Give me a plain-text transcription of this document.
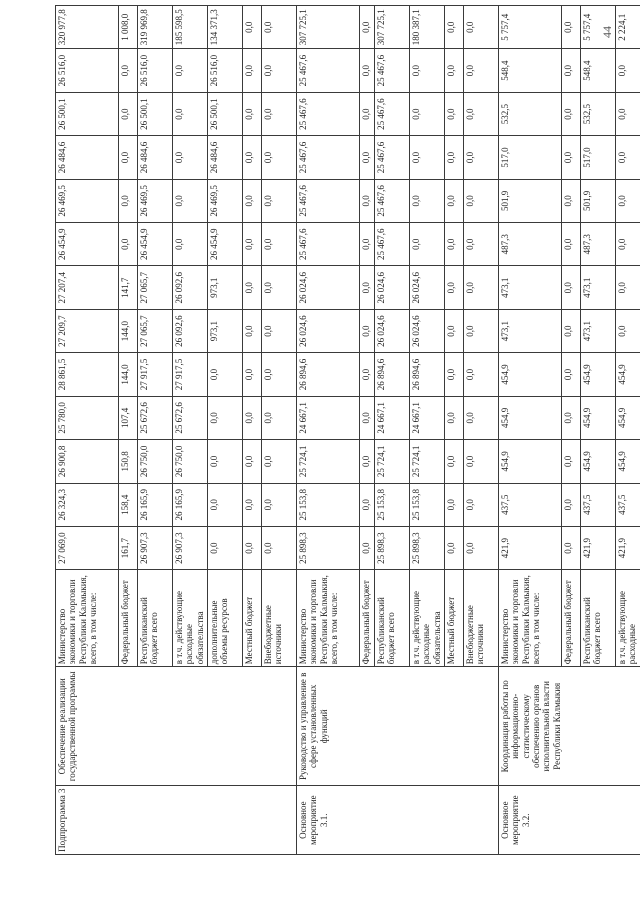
Подпрограмма 3	Обеспечение реализации государственной программы	Министерство экономики и торговли Республики Калмыкия, всего, в том числе:	27 069,0	26 324,3	26 900,8	25 780,0	28 861,5	27 209,7	27 207,4	26 454,9	26 469,5	26 484,6	26 500,1	26 516,0	320 977,8
		Федеральный бюджет	161,7	158,4	150,8	107,4	144,0	144,0	141,7	0,0	0,0	0,0	0,0	0,0	1 008,0
		Республиканский бюджет всего	26 907,3	26 165,9	26 750,0	25 672,6	27 917,5	27 065,7	27 065,7	26 454,9	26 469,5	26 484,6	26 500,1	26 516,0	319 969,8
		в т.ч. действующие расходные обязательства	26 907,3	26 165,9	26 750,0	25 672,6	27 917,5	26 092,6	26 092,6	0,0	0,0	0,0	0,0	0,0	185 598,5
		дополнительные объемы ресурсов	0,0	0,0	0,0	0,0	0,0	973,1	973,1	26 454,9	26 469,5	26 484,6	26 500,1	26 516,0	134 371,3
		Местный бюджет	0,0	0,0	0,0	0,0	0,0	0,0	0,0	0,0	0,0	0,0	0,0	0,0	0,0
		Внебюджетные источники	0,0	0,0	0,0	0,0	0,0	0,0	0,0	0,0	0,0	0,0	0,0	0,0	0,0
Основное мероприятие 3.1.	Руководство и управление в сфере установленных функций	Министерство экономики и торговли Республики Калмыкия, всего, в том числе:	25 898,3	25 153,8	25 724,1	24 667,1	26 894,6	26 024,6	26 024,6	25 467,6	25 467,6	25 467,6	25 467,6	25 467,6	307 725,1
		Федеральный бюджет	0,0	0,0	0,0	0,0	0,0	0,0	0,0	0,0	0,0	0,0	0,0	0,0	0,0
		Республиканский бюджет всего	25 898,3	25 153,8	25 724,1	24 667,1	26 894,6	26 024,6	26 024,6	25 467,6	25 467,6	25 467,6	25 467,6	25 467,6	307 725,1
		в т.ч. действующие расходные обязательства	25 898,3	25 153,8	25 724,1	24 667,1	26 894,6	26 024,6	26 024,6	0,0	0,0	0,0	0,0	0,0	180 387,1
		Местный бюджет	0,0	0,0	0,0	0,0	0,0	0,0	0,0	0,0	0,0	0,0	0,0	0,0	0,0
		Внебюджетные источники	0,0	0,0	0,0	0,0	0,0	0,0	0,0	0,0	0,0	0,0	0,0	0,0	0,0
Основное мероприятие 3.2.	Координация работы по информационно-статистическому обеспечению органов исполнительной власти Республики Калмыкия	Министерство экономики и торговли Республики Калмыкия, всего, в том числе:	421,9	437,5	454,9	454,9	454,9	473,1	473,1	487,3	501,9	517,0	532,5	548,4	5 757,4
		Федеральный бюджет	0,0	0,0	0,0	0,0	0,0	0,0	0,0	0,0	0,0	0,0	0,0	0,0	0,0
		Республиканский бюджет всего	421,9	437,5	454,9	454,9	454,9	473,1	473,1	487,3	501,9	517,0	532,5	548,4	5 757,4
		в т.ч. действующие расходные	421,9	437,5	454,9	454,9	454,9	0,0	0,0	0,0	0,0	0,0	0,0	0,0	2 224,1
44
